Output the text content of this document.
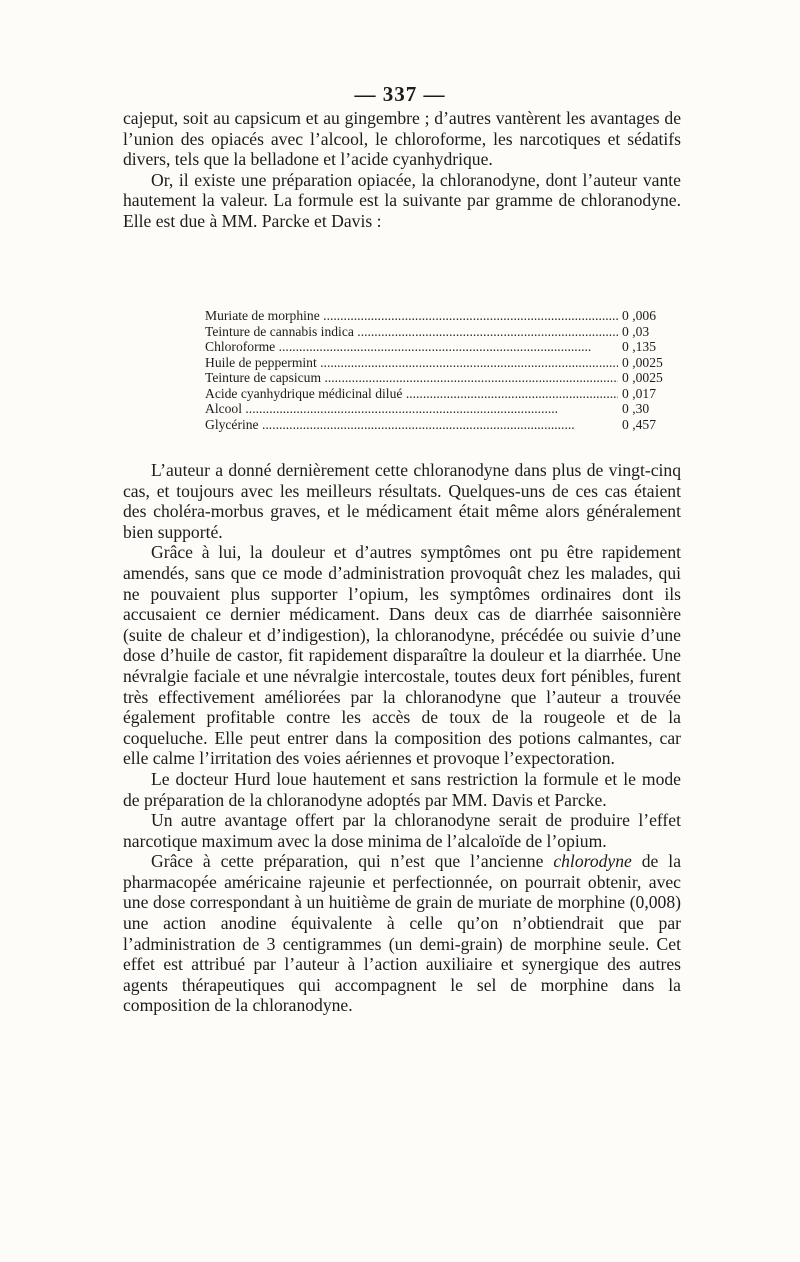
— 337 —

cajeput, soit au capsicum et au gingembre ; d’autres vantèrent les avantages de l’union des opiacés avec l’alcool, le chloroforme, les narcotiques et sédatifs divers, tels que la belladone et l’acide cyanhydrique.

Or, il existe une préparation opiacée, la chloranodyne, dont l’auteur vante hautement la valeur. La formule est la suivante par gramme de chloranodyne. Elle est due à MM. Parcke et Davis :

Muriate de morphine .....	0 ,006
Teinture de cannabis indica .....	0 ,03
Chloroforme .....	0 ,135
Huile de peppermint .....	0 ,0025
Teinture de capsicum .....	0 ,0025
Acide cyanhydrique médicinal dilué .....	0 ,017
Alcool .....	0 ,30
Glycérine .....	0 ,457

L’auteur a donné dernièrement cette chloranodyne dans plus de vingt-cinq cas, et toujours avec les meilleurs résultats. Quelques-uns de ces cas étaient des choléra-morbus graves, et le médicament était même alors généralement bien supporté.

Grâce à lui, la douleur et d’autres symptômes ont pu être rapidement amendés, sans que ce mode d’administration provoquât chez les malades, qui ne pouvaient plus supporter l’opium, les symptômes ordinaires dont ils accusaient ce dernier médicament. Dans deux cas de diarrhée saisonnière (suite de chaleur et d’indigestion), la chloranodyne, précédée ou suivie d’une dose d’huile de castor, fit rapidement disparaître la douleur et la diarrhée. Une névralgie faciale et une névralgie intercostale, toutes deux fort pénibles, furent très effectivement améliorées par la chloranodyne que l’auteur a trouvée également profitable contre les accès de toux de la rougeole et de la coqueluche. Elle peut entrer dans la composition des potions calmantes, car elle calme l’irritation des voies aériennes et provoque l’expectoration.

Le docteur Hurd loue hautement et sans restriction la formule et le mode de préparation de la chloranodyne adoptés par MM. Davis et Parcke.

Un autre avantage offert par la chloranodyne serait de produire l’effet narcotique maximum avec la dose minima de l’alcaloïde de l’opium.

Grâce à cette préparation, qui n’est que l’ancienne chlorodyne de la pharmacopée américaine rajeunie et perfectionnée, on pourrait obtenir, avec une dose correspondant à un huitième de grain de muriate de morphine (0,008) une action anodine équivalente à celle qu’on n’obtiendrait que par l’administration de 3 centigrammes (un demi-grain) de morphine seule. Cet effet est attribué par l’auteur à l’action auxiliaire et synergique des autres agents thérapeutiques qui accompagnent le sel de morphine dans la composition de la chloranodyne.
